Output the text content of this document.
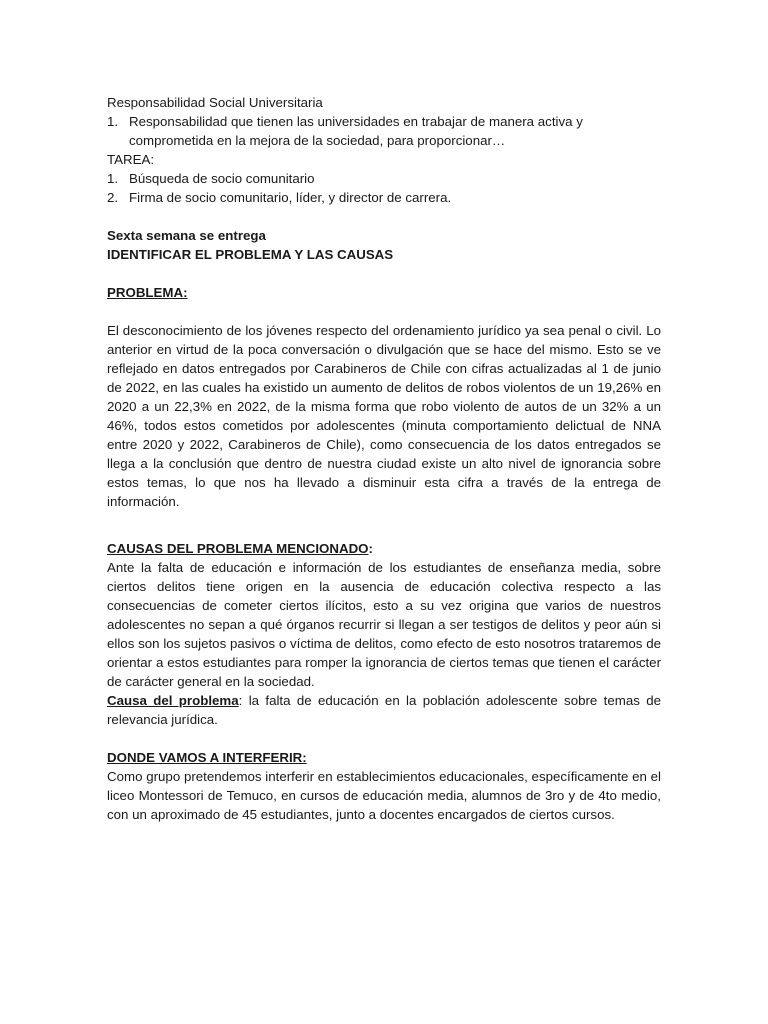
Responsabilidad Social Universitaria

1. Responsabilidad que tienen las universidades en trabajar de manera activa y comprometida en la mejora de la sociedad, para proporcionar…

TAREA:

1. Búsqueda de socio comunitario
2. Firma de socio comunitario, líder, y director de carrera.

Sexta semana se entrega

IDENTIFICAR EL PROBLEMA Y LAS CAUSAS

PROBLEMA:

El desconocimiento de los jóvenes respecto del ordenamiento jurídico ya sea penal o civil. Lo anterior en virtud de la poca conversación o divulgación que se hace del mismo. Esto se ve reflejado en datos entregados por Carabineros de Chile con cifras actualizadas al 1 de junio de 2022, en las cuales ha existido un aumento de delitos de robos violentos de un 19,26% en 2020 a un 22,3% en 2022, de la misma forma que robo violento de autos de un 32% a un 46%, todos estos cometidos por adolescentes (minuta comportamiento delictual de NNA entre 2020 y 2022, Carabineros de Chile), como consecuencia de los datos entregados se llega a la conclusión que dentro de nuestra ciudad existe un alto nivel de ignorancia sobre estos temas, lo que nos ha llevado a disminuir esta cifra a través de la entrega de información.

CAUSAS DEL PROBLEMA MENCIONADO:

Ante la falta de educación e información de los estudiantes de enseñanza media, sobre ciertos delitos tiene origen en la ausencia de educación colectiva respecto a las consecuencias de cometer ciertos ilícitos, esto a su vez origina que varios de nuestros adolescentes no sepan a qué órganos recurrir si llegan a ser testigos de delitos y peor aún si ellos son los sujetos pasivos o víctima de delitos, como efecto de esto nosotros trataremos de orientar a estos estudiantes para romper la ignorancia de ciertos temas que tienen el carácter de carácter general en la sociedad.

Causa del problema: la falta de educación en la población adolescente sobre temas de relevancia jurídica.

DONDE VAMOS A INTERFERIR:

Como grupo pretendemos interferir en establecimientos educacionales, específicamente en el liceo Montessori de Temuco, en cursos de educación media, alumnos de 3ro y de 4to medio, con un aproximado de 45 estudiantes, junto a docentes encargados de ciertos cursos.
